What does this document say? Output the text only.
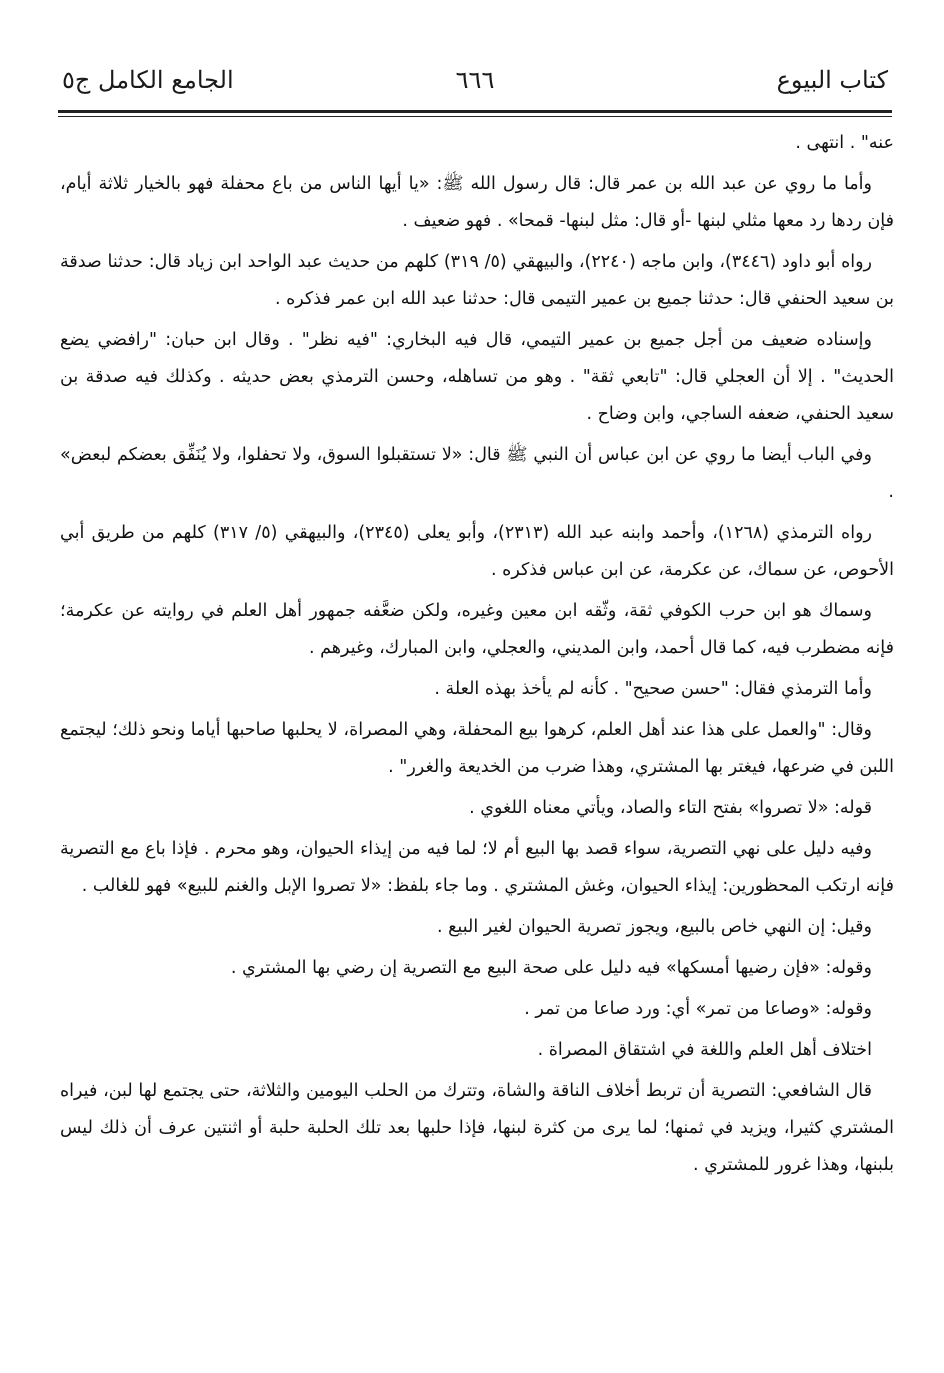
كتاب البيوع
٦٦٦
الجامع الكامل ج٥

عنه" . انتهى .

وأما ما روي عن عبد الله بن عمر قال: قال رسول الله ﷺ: «يا أيها الناس من باع محفلة فهو بالخيار ثلاثة أيام، فإن ردها رد معها مثلي لبنها -أو قال: مثل لبنها- قمحا» . فهو ضعيف .

رواه أبو داود (٣٤٤٦)، وابن ماجه (٢٢٤٠)، والبيهقي (٥/ ٣١٩) كلهم من حديث عبد الواحد ابن زياد قال: حدثنا صدقة بن سعيد الحنفي قال: حدثنا جميع بن عمير التيمى قال: حدثنا عبد الله ابن عمر فذكره .

وإسناده ضعيف من أجل جميع بن عمير التيمي، قال فيه البخاري: "فيه نظر" . وقال ابن حبان: "رافضي يضع الحديث" . إلا أن العجلي قال: "تابعي ثقة" . وهو من تساهله، وحسن الترمذي بعض حديثه . وكذلك فيه صدقة بن سعيد الحنفي، ضعفه الساجي، وابن وضاح .

وفي الباب أيضا ما روي عن ابن عباس أن النبي ﷺ قال: «لا تستقبلوا السوق، ولا تحفلوا، ولا يُنَفِّق بعضكم لبعض» .

رواه الترمذي (١٢٦٨)، وأحمد وابنه عبد الله (٢٣١٣)، وأبو يعلى (٢٣٤٥)، والبيهقي (٥/ ٣١٧) كلهم من طريق أبي الأحوص، عن سماك، عن عكرمة، عن ابن عباس فذكره .

وسماك هو ابن حرب الكوفي ثقة، وثّقه ابن معين وغيره، ولكن ضعَّفه جمهور أهل العلم في روايته عن عكرمة؛ فإنه مضطرب فيه، كما قال أحمد، وابن المديني، والعجلي، وابن المبارك، وغيرهم .

وأما الترمذي فقال: "حسن صحيح" . كأنه لم يأخذ بهذه العلة .

وقال: "والعمل على هذا عند أهل العلم، كرهوا بيع المحفلة، وهي المصراة، لا يحلبها صاحبها أياما ونحو ذلك؛ ليجتمع اللبن في ضرعها، فيغتر بها المشتري، وهذا ضرب من الخديعة والغرر" .

قوله: «لا تصروا» بفتح التاء والصاد، ويأتي معناه اللغوي .

وفيه دليل على نهي التصرية، سواء قصد بها البيع أم لا؛ لما فيه من إيذاء الحيوان، وهو محرم . فإذا باع مع التصرية فإنه ارتكب المحظورين: إيذاء الحيوان، وغش المشتري . وما جاء بلفظ: «لا تصروا الإبل والغنم للبيع» فهو للغالب .

وقيل: إن النهي خاص بالبيع، ويجوز تصرية الحيوان لغير البيع .

وقوله: «فإن رضيها أمسكها» فيه دليل على صحة البيع مع التصرية إن رضي بها المشتري .

وقوله: «وصاعا من تمر» أي: ورد صاعا من تمر .

اختلاف أهل العلم واللغة في اشتقاق المصراة .

قال الشافعي: التصرية أن تربط أخلاف الناقة والشاة، وتترك من الحلب اليومين والثلاثة، حتى يجتمع لها لبن، فيراه المشتري كثيرا، ويزيد في ثمنها؛ لما يرى من كثرة لبنها، فإذا حلبها بعد تلك الحلبة حلبة أو اثنتين عرف أن ذلك ليس بلبنها، وهذا غرور للمشتري .
